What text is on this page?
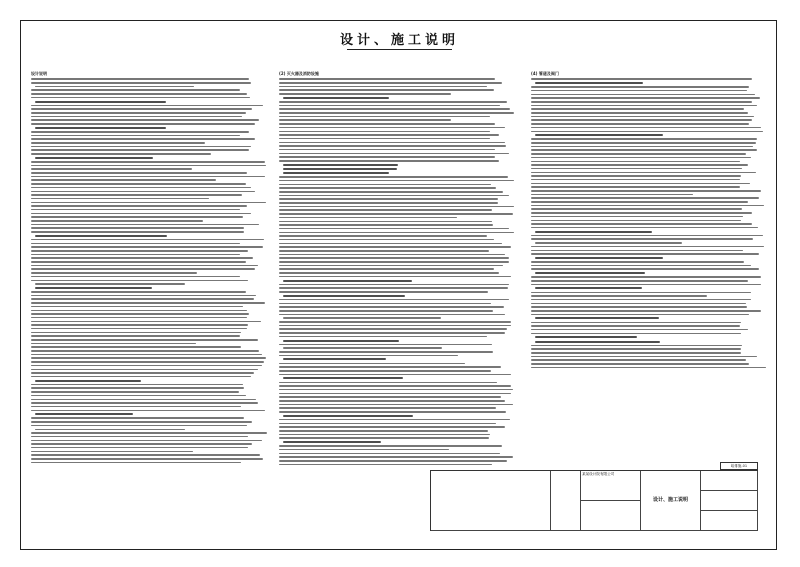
设计、施工说明
设计说明	(2) 灭火器及消防设施	(4) 管道及阀门
给排施-01
某某设计院有限公司
设计、施工说明
